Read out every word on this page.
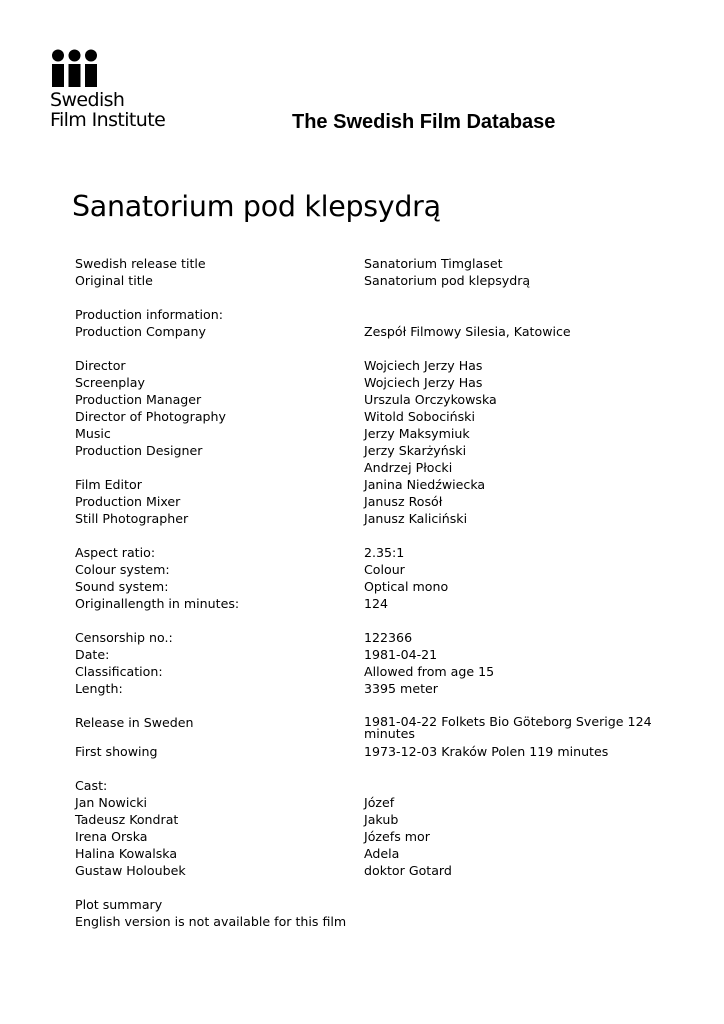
Swedish
Film Institute	The Swedish Film Database
Sanatorium pod klepsydrą
Swedish release title	Sanatorium Timglaset
Original title	Sanatorium pod klepsydrą
Production information:
Production Company	Zespół Filmowy Silesia, Katowice
Director	Wojciech Jerzy Has
Screenplay	Wojciech Jerzy Has
Production Manager	Urszula Orczykowska
Director of Photography	Witold Sobociński
Music	Jerzy Maksymiuk
Production Designer	Jerzy Skarżyński
Andrzej Płocki
Film Editor	Janina Niedźwiecka
Production Mixer	Janusz Rosół
Still Photographer	Janusz Kaliciński
Aspect ratio:	2.35:1
Colour system:	Colour
Sound system:	Optical mono
Originallength in minutes:	124
Censorship no.:	122366
Date:	1981-04-21
Classification:	Allowed from age 15
Length:	3395 meter
Release in Sweden	1981-04-22 Folkets Bio Göteborg Sverige 124 minutes
First showing	1973-12-03 Kraków Polen 119 minutes
Cast:
Jan Nowicki	Józef
Tadeusz Kondrat	Jakub
Irena Orska	Józefs mor
Halina Kowalska	Adela
Gustaw Holoubek	doktor Gotard
Plot summary
English version is not available for this film
